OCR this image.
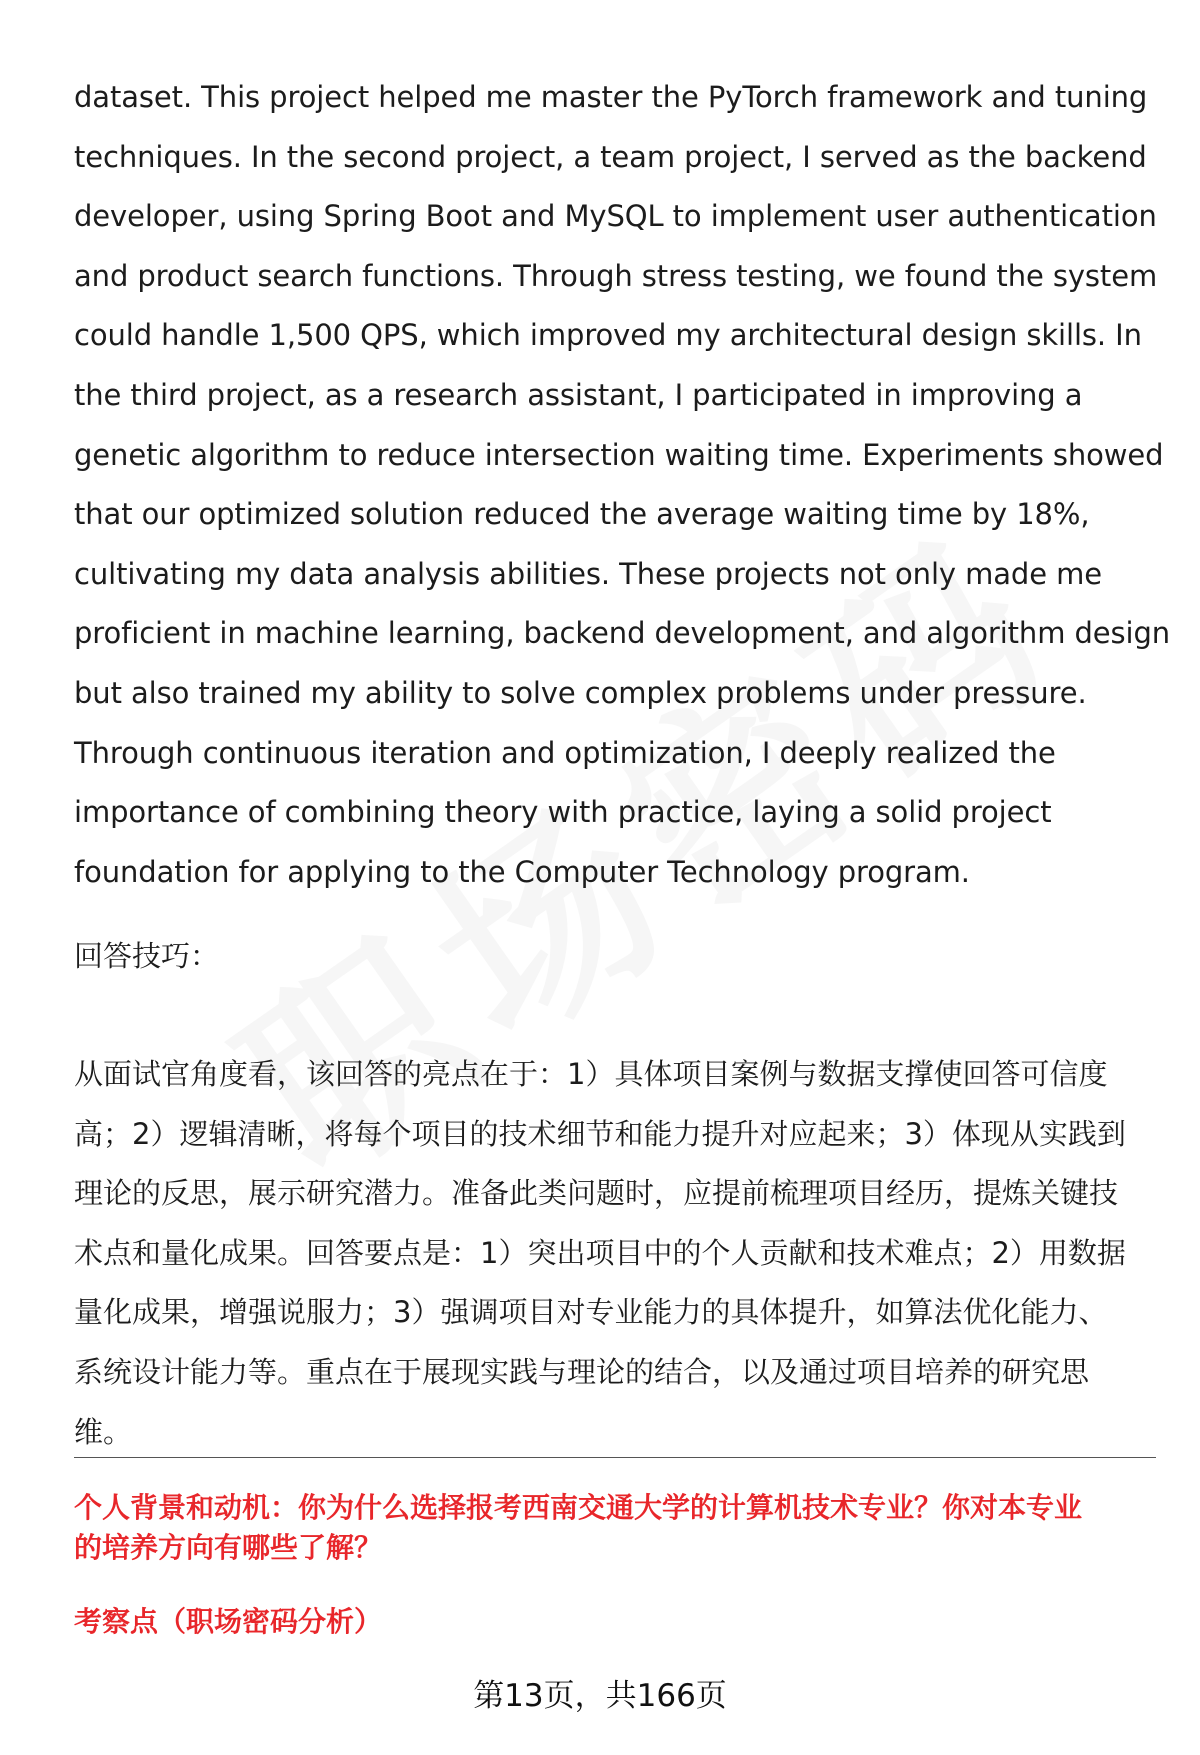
dataset. This project helped me master the PyTorch framework and tuning
techniques. In the second project, a team project, I served as the backend
developer, using Spring Boot and MySQL to implement user authentication
and product search functions. Through stress testing, we found the system
could handle 1,500 QPS, which improved my architectural design skills. In
the third project, as a research assistant, I participated in improving a
genetic algorithm to reduce intersection waiting time. Experiments showed
that our optimized solution reduced the average waiting time by 18%,
cultivating my data analysis abilities. These projects not only made me
proficient in machine learning, backend development, and algorithm design
but also trained my ability to solve complex problems under pressure.
Through continuous iteration and optimization, I deeply realized the
importance of combining theory with practice, laying a solid project
foundation for applying to the Computer Technology program.

回答技巧：

从面试官角度看，该回答的亮点在于：1）具体项目案例与数据支撑使回答可信度
高；2）逻辑清晰，将每个项目的技术细节和能力提升对应起来；3）体现从实践到
理论的反思，展示研究潜力。准备此类问题时，应提前梳理项目经历，提炼关键技
术点和量化成果。回答要点是：1）突出项目中的个人贡献和技术难点；2）用数据
量化成果，增强说服力；3）强调项目对专业能力的具体提升，如算法优化能力、
系统设计能力等。重点在于展现实践与理论的结合，以及通过项目培养的研究思
维。
个人背景和动机：你为什么选择报考西南交通大学的计算机技术专业？你对本专业
的培养方向有哪些了解？
考察点（职场密码分析）
第13页，共166页
